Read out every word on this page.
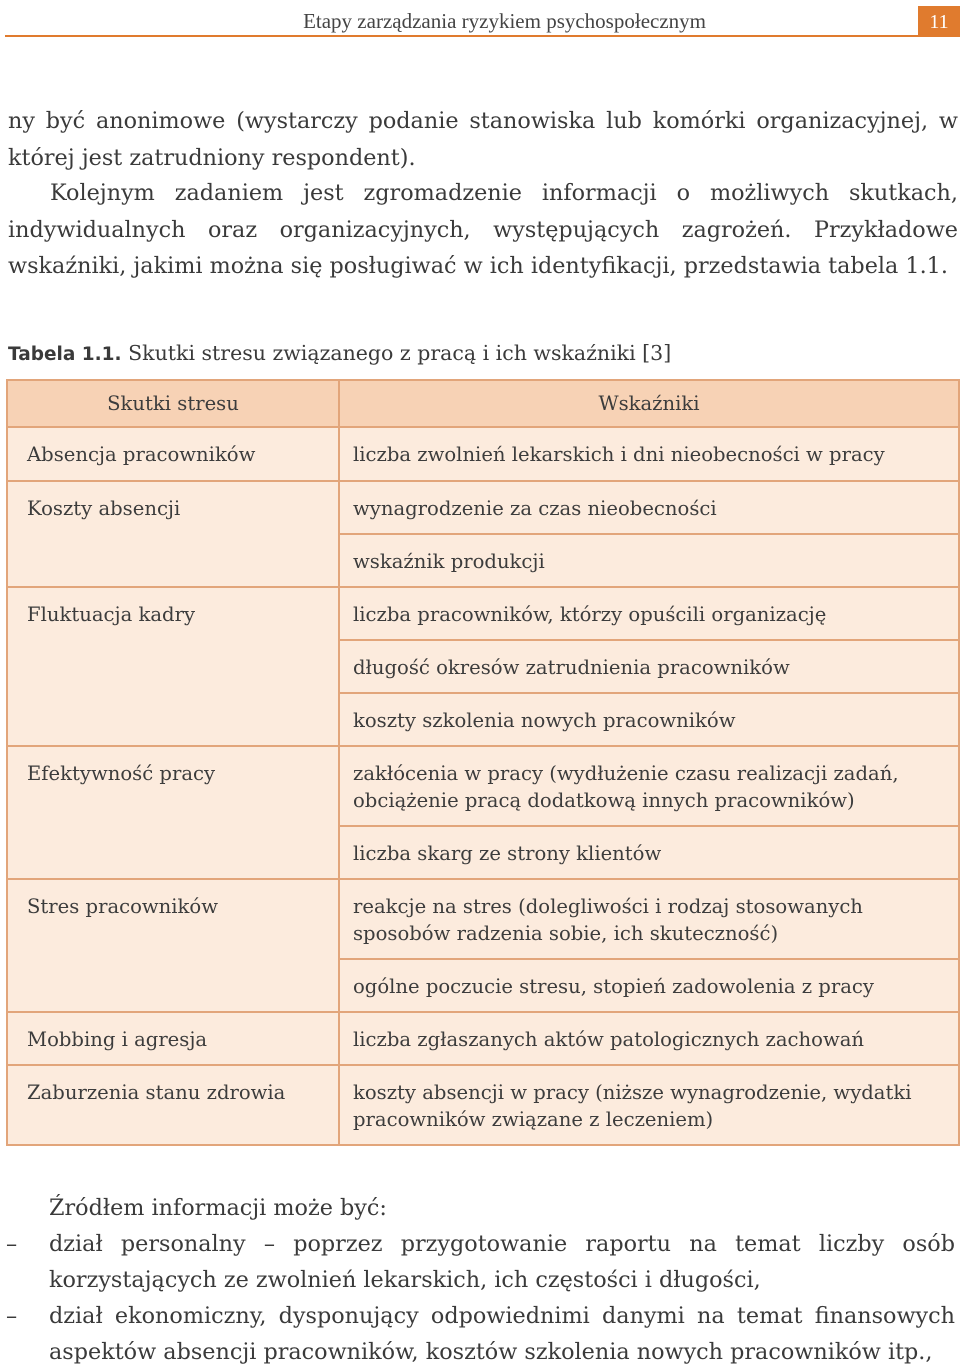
Etapy zarządzania ryzykiem psychospołecznym	11

ny być anonimowe (wystarczy podanie stanowiska lub komórki organizacyjnej, w której jest zatrudniony respondent).

Kolejnym zadaniem jest zgromadzenie informacji o możliwych skutkach, indywidualnych oraz organizacyjnych, występujących zagrożeń. Przykładowe wskaźniki, jakimi można się posługiwać w ich identyfikacji, przedstawia tabela 1.1.

Tabela 1.1. Skutki stresu związanego z pracą i ich wskaźniki [3]

Skutki stresu	Wskaźniki
Absencja pracowników	liczba zwolnień lekarskich i dni nieobecności w pracy
Koszty absencji	wynagrodzenie za czas nieobecności
	wskaźnik produkcji
Fluktuacja kadry	liczba pracowników, którzy opuścili organizację
	długość okresów zatrudnienia pracowników
	koszty szkolenia nowych pracowników
Efektywność pracy	zakłócenia w pracy (wydłużenie czasu realizacji zadań, obciążenie pracą dodatkową innych pracowników)
	liczba skarg ze strony klientów
Stres pracowników	reakcje na stres (dolegliwości i rodzaj stosowanych sposobów radzenia sobie, ich skuteczność)
	ogólne poczucie stresu, stopień zadowolenia z pracy
Mobbing i agresja	liczba zgłaszanych aktów patologicznych zachowań
Zaburzenia stanu zdrowia	koszty absencji w pracy (niższe wynagrodzenie, wydatki pracowników związane z leczeniem)

Źródłem informacji może być:

– dział personalny – poprzez przygotowanie raportu na temat liczby osób korzystających ze zwolnień lekarskich, ich częstości i długości,

– dział ekonomiczny, dysponujący odpowiednimi danymi na temat finansowych aspektów absencji pracowników, kosztów szkolenia nowych pracowników itp.,
